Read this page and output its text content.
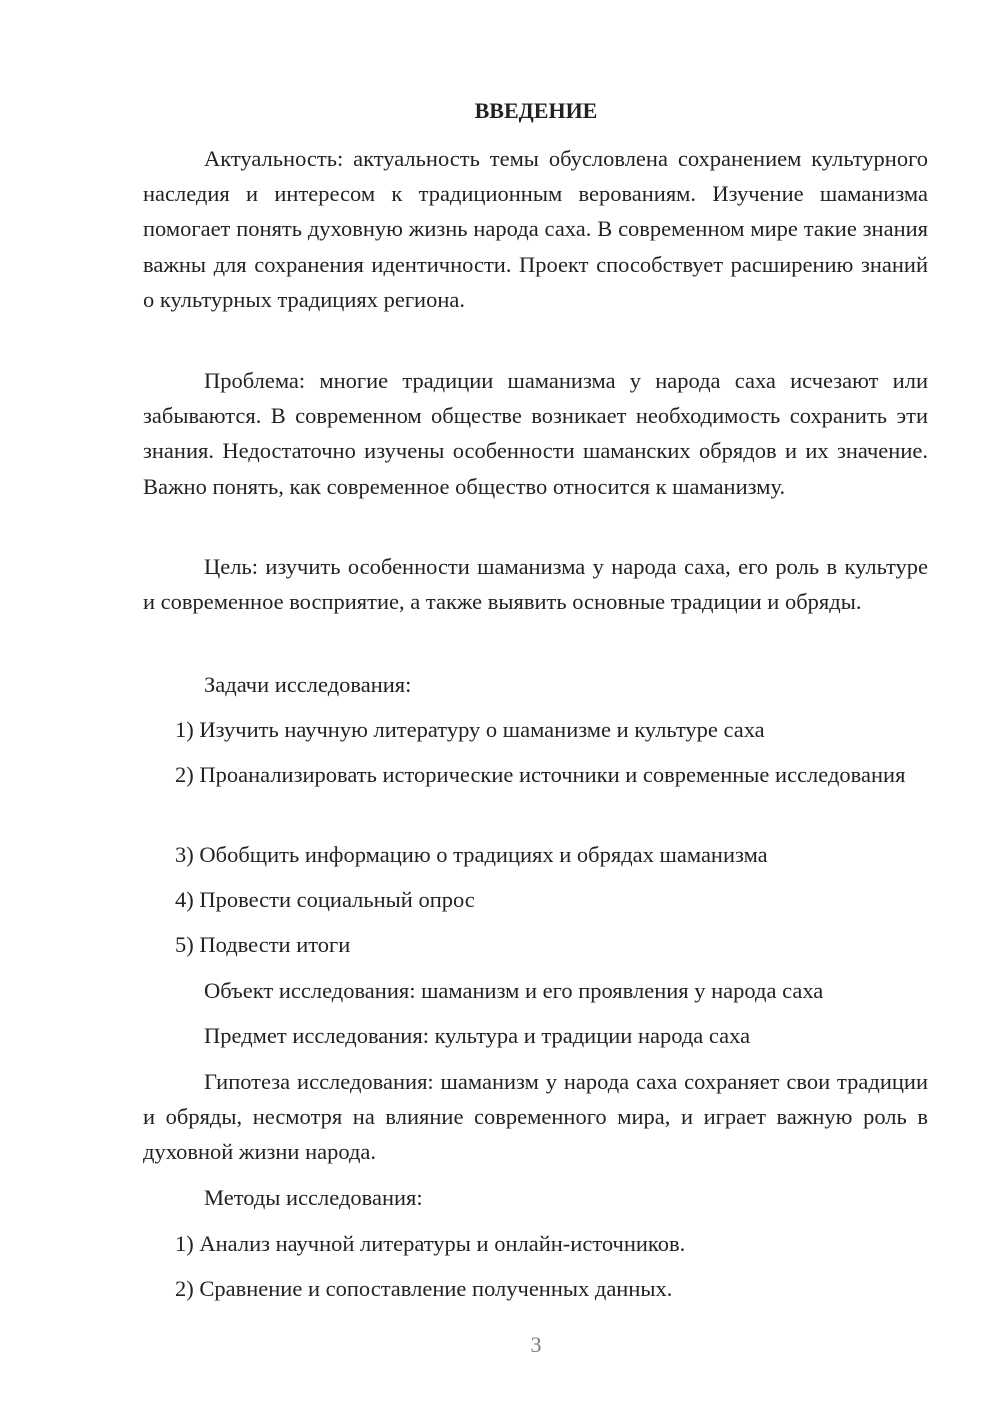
ВВЕДЕНИЕ

Актуальность: актуальность темы обусловлена сохранением культурного наследия и интересом к традиционным верованиям. Изучение шаманизма помогает понять духовную жизнь народа саха. В современном мире такие знания важны для сохранения идентичности. Проект способствует расширению знаний о культурных традициях региона.

Проблема: многие традиции шаманизма у народа саха исчезают или забываются. В современном обществе возникает необходимость сохранить эти знания. Недостаточно изучены особенности шаманских обрядов и их значение. Важно понять, как современное общество относится к шаманизму.

Цель: изучить особенности шаманизма у народа саха, его роль в культуре и современное восприятие, а также выявить основные традиции и обряды.

Задачи исследования:

1) Изучить научную литературу о шаманизме и культуре саха

2) Проанализировать исторические источники и современные исследования

3) Обобщить информацию о традициях и обрядах шаманизма

4) Провести социальный опрос

5) Подвести итоги

Объект исследования: шаманизм и его проявления у народа саха

Предмет исследования: культура и традиции народа саха

Гипотеза исследования: шаманизм у народа саха сохраняет свои традиции и обряды, несмотря на влияние современного мира, и играет важную роль в духовной жизни народа.

Методы исследования:

1) Анализ научной литературы и онлайн-источников.

2) Сравнение и сопоставление полученных данных.

3
